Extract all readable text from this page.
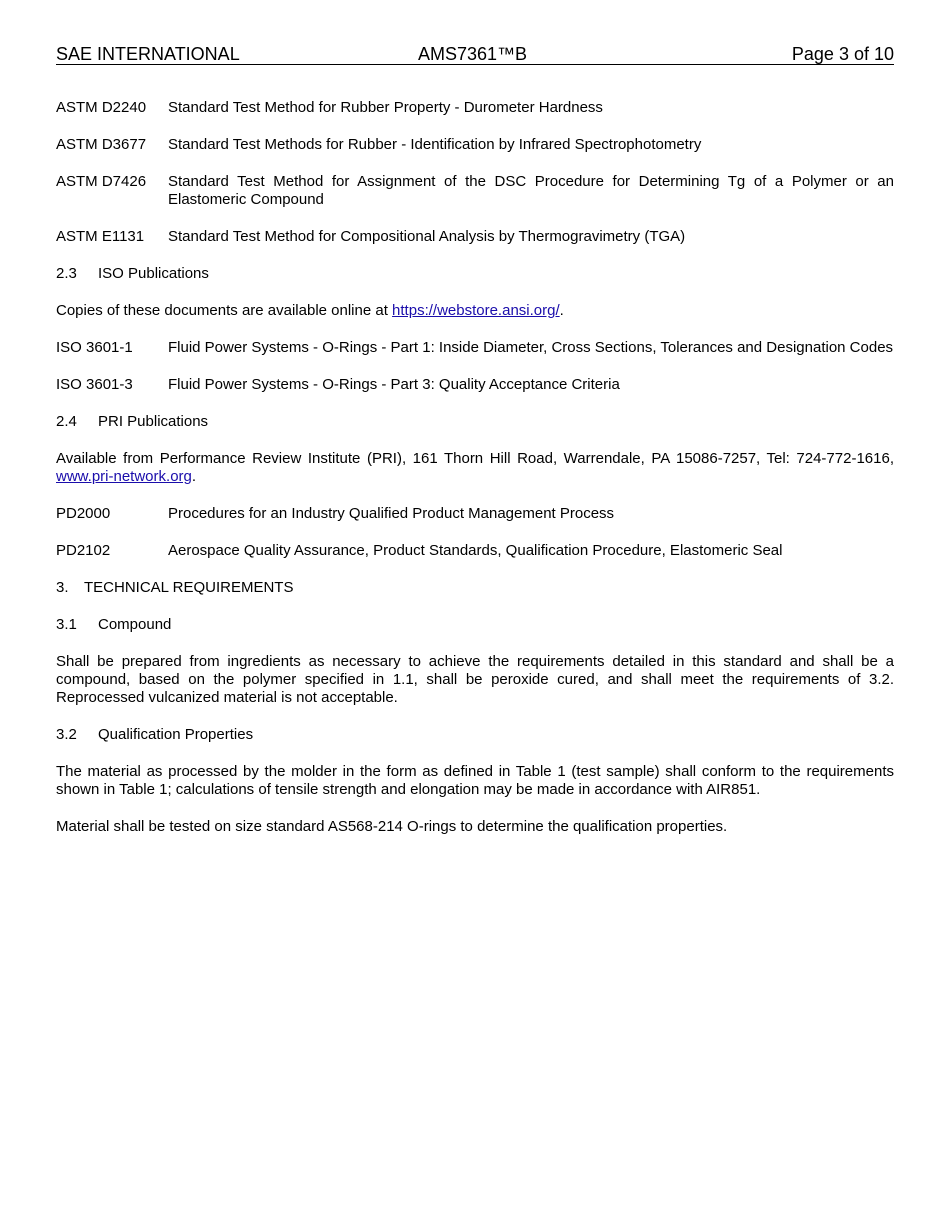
SAE INTERNATIONAL	AMS7361™B	Page 3 of 10
ASTM D2240	Standard Test Method for Rubber Property - Durometer Hardness
ASTM D3677	Standard Test Methods for Rubber - Identification by Infrared Spectrophotometry
ASTM D7426	Standard Test Method for Assignment of the DSC Procedure for Determining Tg of a Polymer or an Elastomeric Compound
ASTM E1131	Standard Test Method for Compositional Analysis by Thermogravimetry (TGA)
2.3 ISO Publications
Copies of these documents are available online at https://webstore.ansi.org/.
ISO 3601-1	Fluid Power Systems - O-Rings - Part 1: Inside Diameter, Cross Sections, Tolerances and Designation Codes
ISO 3601-3	Fluid Power Systems - O-Rings - Part 3: Quality Acceptance Criteria
2.4 PRI Publications
Available from Performance Review Institute (PRI), 161 Thorn Hill Road, Warrendale, PA 15086-7257, Tel: 724-772-1616, www.pri-network.org.
PD2000	Procedures for an Industry Qualified Product Management Process
PD2102	Aerospace Quality Assurance, Product Standards, Qualification Procedure, Elastomeric Seal
3. TECHNICAL REQUIREMENTS
3.1 Compound
Shall be prepared from ingredients as necessary to achieve the requirements detailed in this standard and shall be a compound, based on the polymer specified in 1.1, shall be peroxide cured, and shall meet the requirements of 3.2. Reprocessed vulcanized material is not acceptable.
3.2 Qualification Properties
The material as processed by the molder in the form as defined in Table 1 (test sample) shall conform to the requirements shown in Table 1; calculations of tensile strength and elongation may be made in accordance with AIR851.
Material shall be tested on size standard AS568-214 O-rings to determine the qualification properties.
